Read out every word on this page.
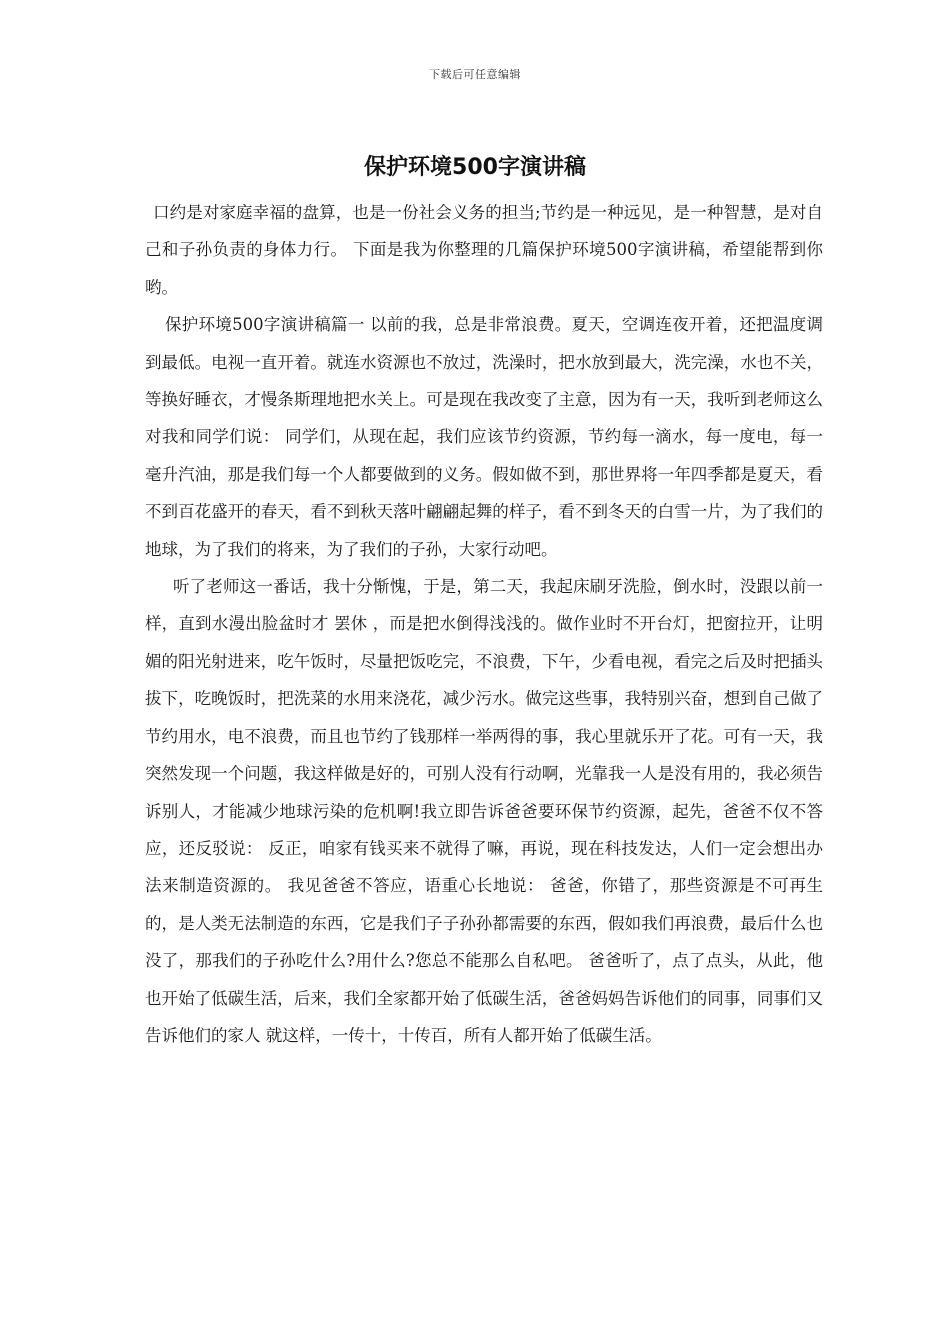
下载后可任意编辑
保护环境500字演讲稿

口约是对家庭幸福的盘算，也是一份社会义务的担当;节约是一种远见，是一种智慧，是对自己和子孙负责的身体力行。 下面是我为你整理的几篇保护环境500字演讲稿，希望能帮到你哟。

保护环境500字演讲稿篇一 以前的我，总是非常浪费。夏天，空调连夜开着，还把温度调到最低。电视一直开着。就连水资源也不放过，洗澡时，把水放到最大，洗完澡，水也不关，等换好睡衣，才慢条斯理地把水关上。可是现在我改变了主意，因为有一天，我听到老师这么对我和同学们说： 同学们，从现在起，我们应该节约资源，节约每一滴水，每一度电，每一毫升汽油，那是我们每一个人都要做到的义务。假如做不到，那世界将一年四季都是夏天，看不到百花盛开的春天，看不到秋天落叶翩翩起舞的样子，看不到冬天的白雪一片，为了我们的地球，为了我们的将来，为了我们的子孙，大家行动吧。

听了老师这一番话，我十分惭愧，于是，第二天，我起床刷牙洗脸，倒水时，没跟以前一样，直到水漫出脸盆时才 罢休 ，而是把水倒得浅浅的。做作业时不开台灯，把窗拉开，让明媚的阳光射进来，吃午饭时，尽量把饭吃完，不浪费，下午，少看电视，看完之后及时把插头拔下，吃晚饭时，把洗菜的水用来浇花，减少污水。做完这些事，我特别兴奋，想到自己做了节约用水，电不浪费，而且也节约了钱那样一举两得的事，我心里就乐开了花。可有一天，我突然发现一个问题，我这样做是好的，可别人没有行动啊，光靠我一人是没有用的，我必须告诉别人，才能减少地球污染的危机啊!我立即告诉爸爸要环保节约资源，起先，爸爸不仅不答应，还反驳说： 反正，咱家有钱买来不就得了嘛，再说，现在科技发达，人们一定会想出办法来制造资源的。 我见爸爸不答应，语重心长地说： 爸爸，你错了，那些资源是不可再生的，是人类无法制造的东西，它是我们子子孙孙都需要的东西，假如我们再浪费，最后什么也没了，那我们的子孙吃什么?用什么?您总不能那么自私吧。 爸爸听了，点了点头，从此，他也开始了低碳生活，后来，我们全家都开始了低碳生活，爸爸妈妈告诉他们的同事，同事们又告诉他们的家人 就这样，一传十，十传百，所有人都开始了低碳生活。
